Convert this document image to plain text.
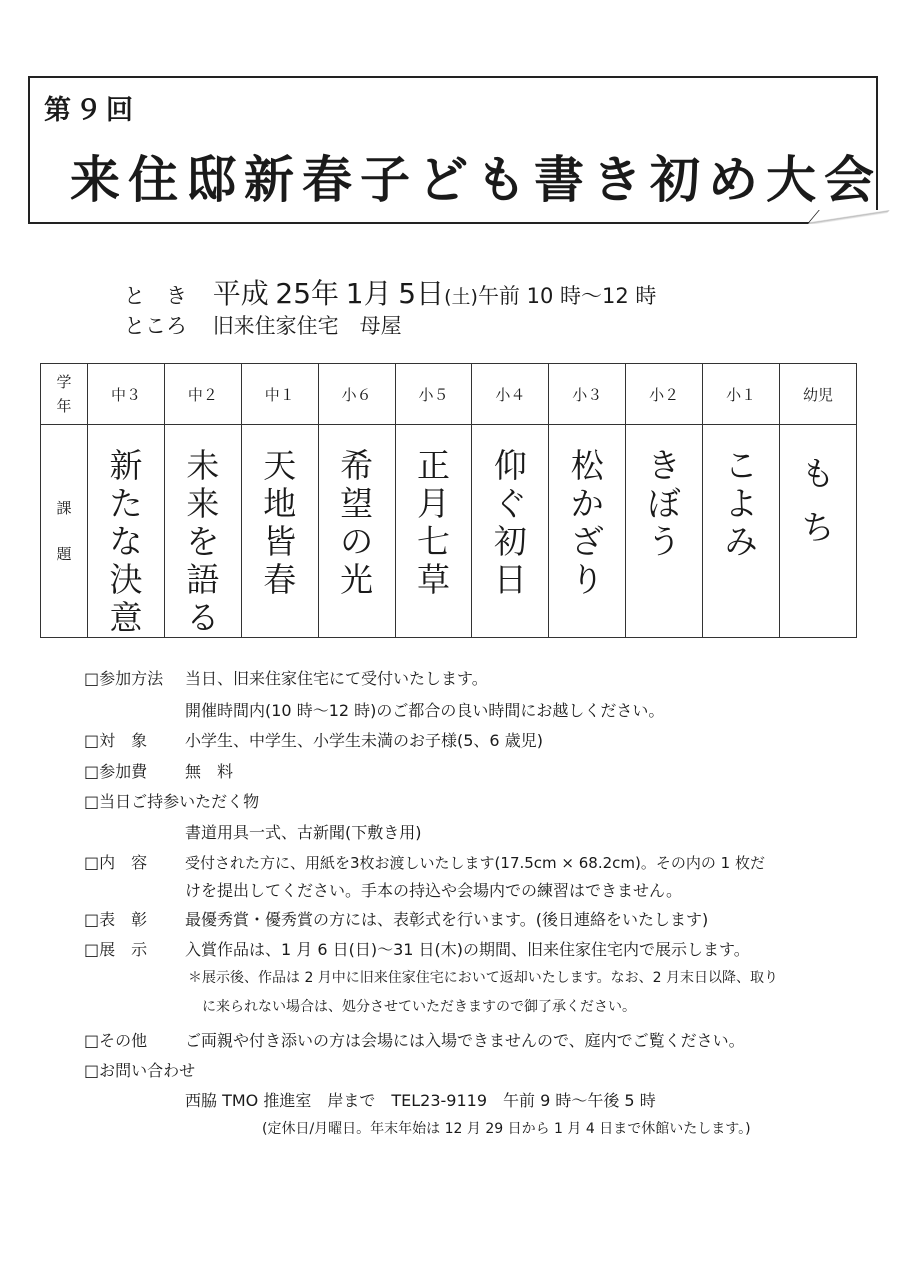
第９回
来住邸新春子ども書き初め大会
と　き 平成 25年 1月 5日(土)午前 10 時～12 時
ところ 旧来住家住宅　母屋
学年	中３	中２	中１	小６	小５	小４	小３	小２	小１	幼児
課題	新たな決意	未来を語る	天地皆春	希望の光	正月七草	仰ぐ初日	松かざり	きぼう	こよみ	もち
□参加方法 当日、旧来住家住宅にて受付いたします。
開催時間内(10 時～12 時)のご都合の良い時間にお越しください。
□対　象 小学生、中学生、小学生未満のお子様(5、6 歳児)
□参加費 無　料
□当日ご持参いただく物
書道用具一式、古新聞(下敷き用)
□内　容	受付された方に、用紙を3枚お渡しいたします(17.5cm × 68.2cm)。その内の 1 枚だ
けを提出してください。手本の持込や会場内での練習はできません。
□表　彰 最優秀賞・優秀賞の方には、表彰式を行います。(後日連絡をいたします)
□展　示 入賞作品は、1 月 6 日(日)～31 日(木)の期間、旧来住家住宅内で展示します。
＊展示後、作品は 2 月中に旧来住家住宅において返却いたします。なお、2 月末日以降、取り
に来られない場合は、処分させていただきますので御了承ください。
□その他 ご両親や付き添いの方は会場には入場できませんので、庭内でご覧ください。
□お問い合わせ
西脇 TMO 推進室　岸まで　TEL23-9119　午前 9 時～午後 5 時
(定休日/月曜日。年末年始は 12 月 29 日から 1 月 4 日まで休館いたします。)
